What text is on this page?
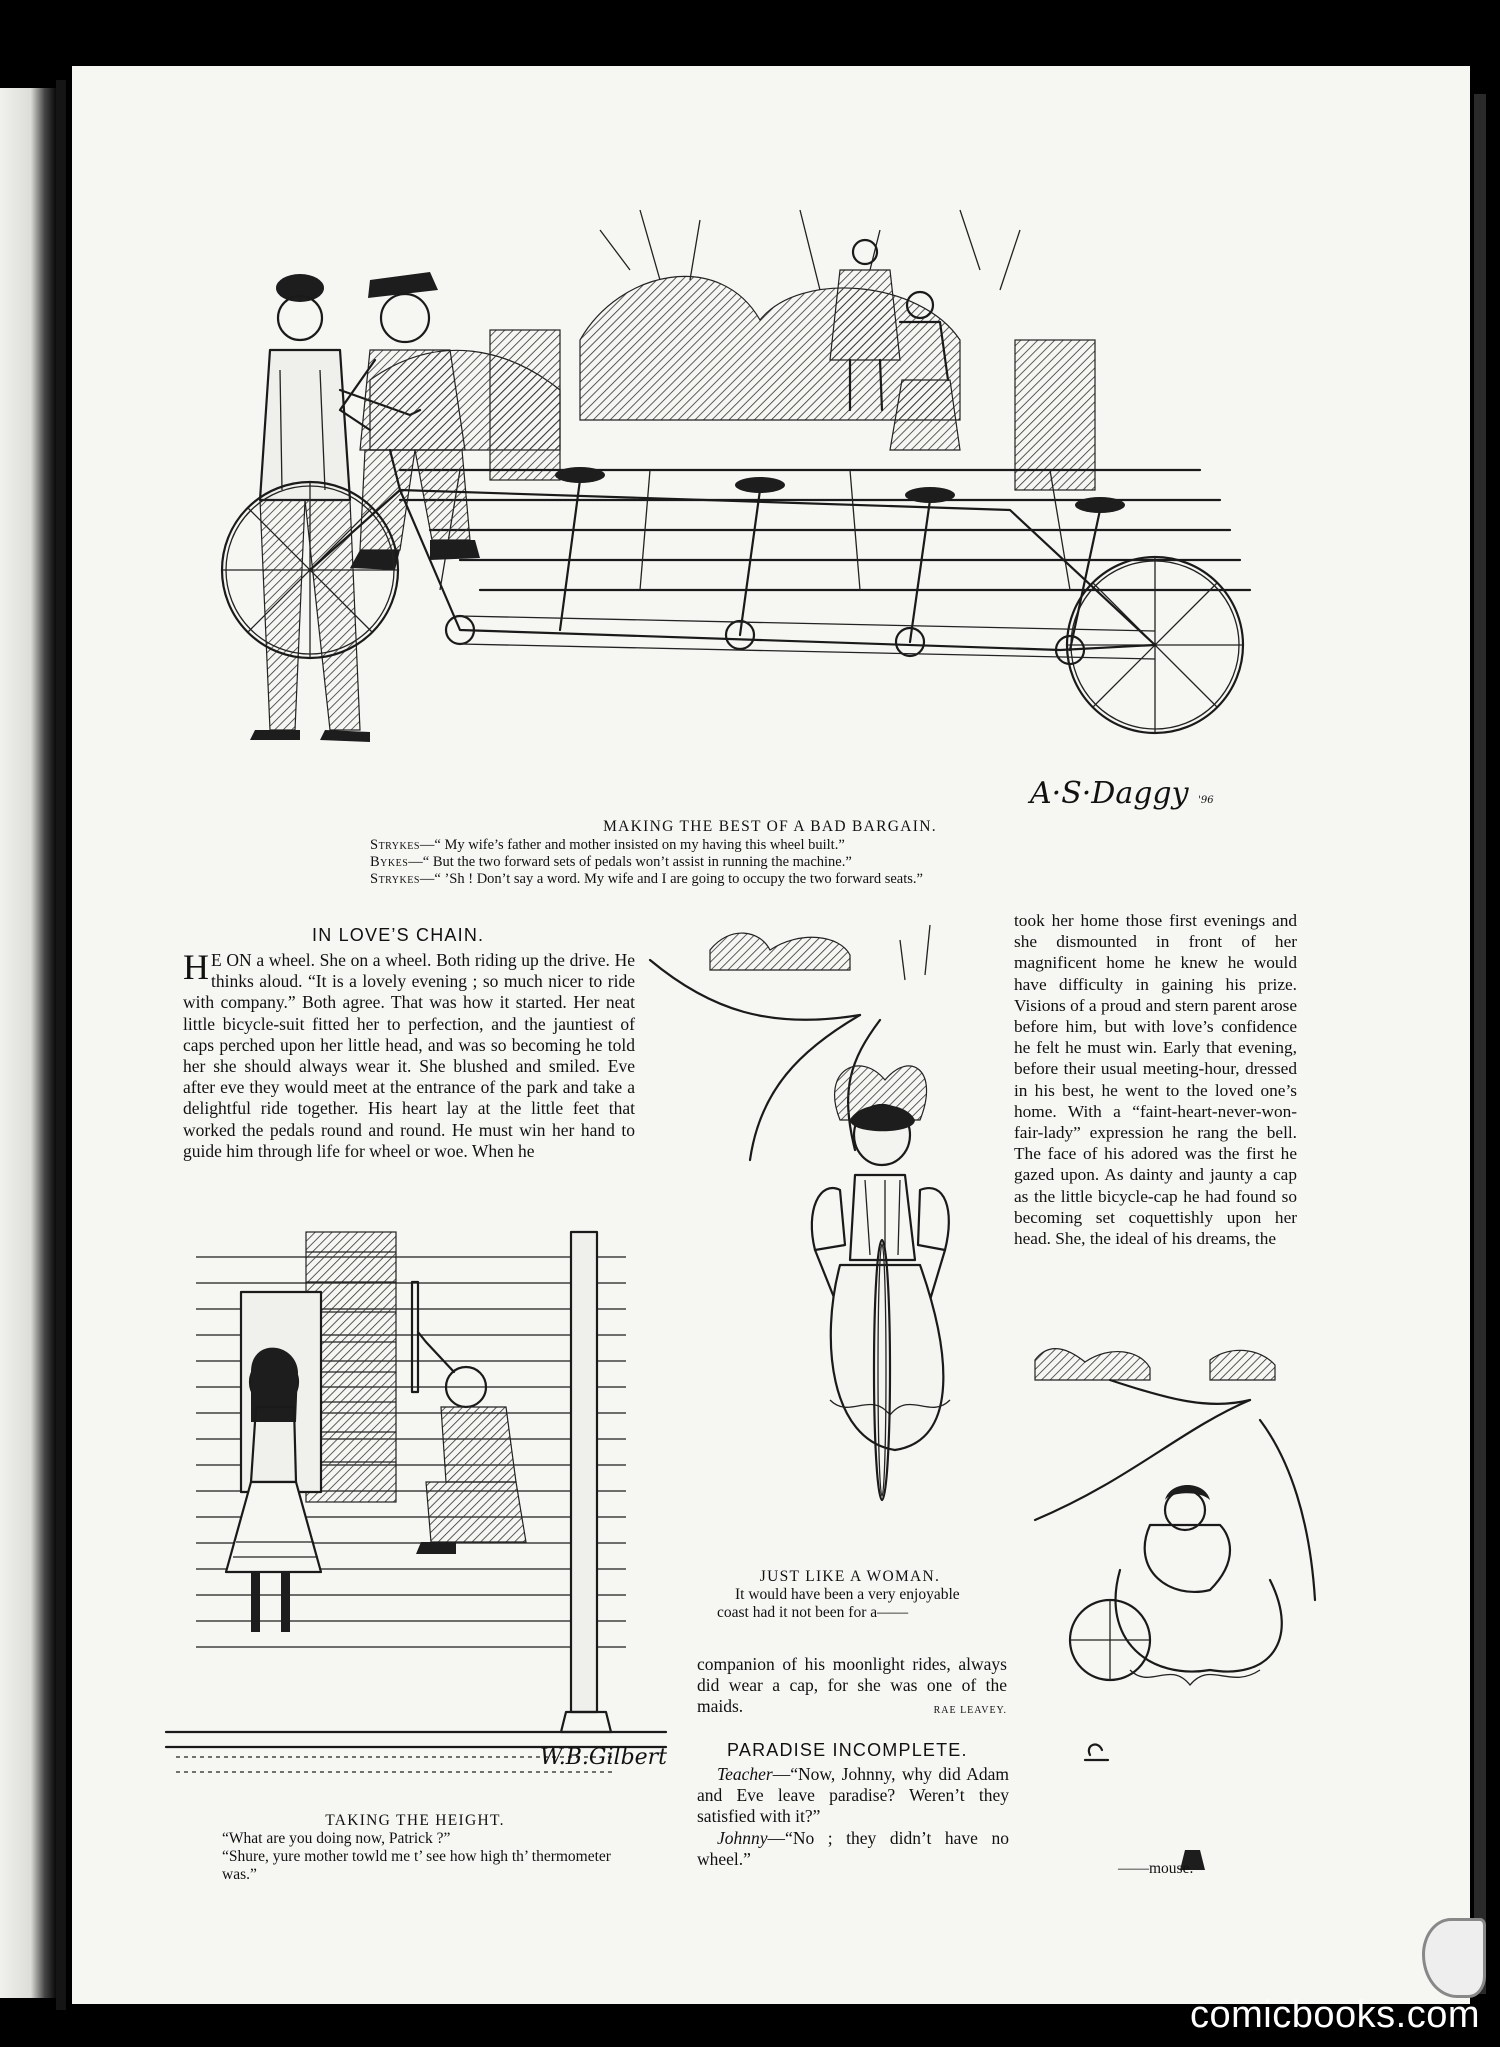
A·S·Daggy '96
MAKING THE BEST OF A BAD BARGAIN.
Strykes—“ My wife’s father and mother insisted on my having this wheel built.”
Bykes—“ But the two forward sets of pedals won’t assist in running the machine.”
Strykes—“ ’Sh ! Don’t say a word. My wife and I are going to occupy the two forward seats.”
IN LOVE’S CHAIN.
H E ON a wheel. She on a wheel. Both riding up the drive. He thinks aloud. “It is a lovely evening ; so much nicer to ride with company.” Both agree. That was how it started. Her neat little bicycle-suit fitted her to perfection, and the jauntiest of caps perched upon her little head, and was so becoming he told her she should always wear it. She blushed and smiled. Eve after eve they would meet at the entrance of the park and take a delightful ride together. His heart lay at the little feet that worked the pedals round and round. He must win her hand to guide him through life for wheel or woe. When he
took her home those first evenings and she dismounted in front of her magnificent home he knew he would have difficulty in gaining his prize. Visions of a proud and stern parent arose before him, but with love’s confidence he felt he must win. Early that evening, before their usual meeting-hour, dressed in his best, he went to the loved one’s home. With a “faint-heart-never-won-fair-lady” expression he rang the bell. The face of his adored was the first he gazed upon. As dainty and jaunty a cap as the little bicycle-cap he had found so becoming set coquettishly upon her head. She, the ideal of his dreams, the
JUST LIKE A WOMAN.
It would have been a very enjoyable coast had it not been for a——
——mouse.
W.B.Gilbert
TAKING THE HEIGHT.
“What are you doing now, Patrick ?”
“Shure, yure mother towld me t’ see how high th’ thermometer was.”
companion of his moonlight rides, always did wear a cap, for she was one of the maids.	RAE LEAVEY.
PARADISE INCOMPLETE.
Teacher—“Now, Johnny, why did Adam and Eve leave paradise? Weren’t they satisfied with it?”
Johnny—“No ; they didn’t have no wheel.”
comicbooks.com
